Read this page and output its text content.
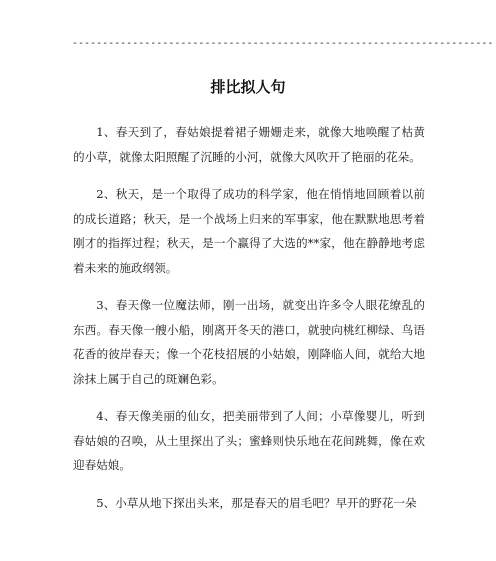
----------------------------------------------------------------------
排比拟人句

1、春天到了，春姑娘提着裙子姗姗走来，就像大地唤醒了枯黄的小草，就像太阳照醒了沉睡的小河，就像大风吹开了艳丽的花朵。

2、秋天，是一个取得了成功的科学家，他在悄悄地回顾着以前的成长道路；秋天，是一个战场上归来的军事家，他在默默地思考着刚才的指挥过程；秋天，是一个赢得了大选的**家，他在静静地考虑着未来的施政纲领。

3、春天像一位魔法师，刚一出场，就变出许多令人眼花缭乱的东西。春天像一艘小船，刚离开冬天的港口，就驶向桃红柳绿、鸟语花香的彼岸春天；像一个花枝招展的小姑娘，刚降临人间，就给大地涂抹上属于自己的斑斓色彩。

4、春天像美丽的仙女，把美丽带到了人间；小草像婴儿，听到春姑娘的召唤，从土里探出了头；蜜蜂则快乐地在花间跳舞，像在欢迎春姑娘。

5、小草从地下探出头来，那是春天的眉毛吧？早开的野花一朵
